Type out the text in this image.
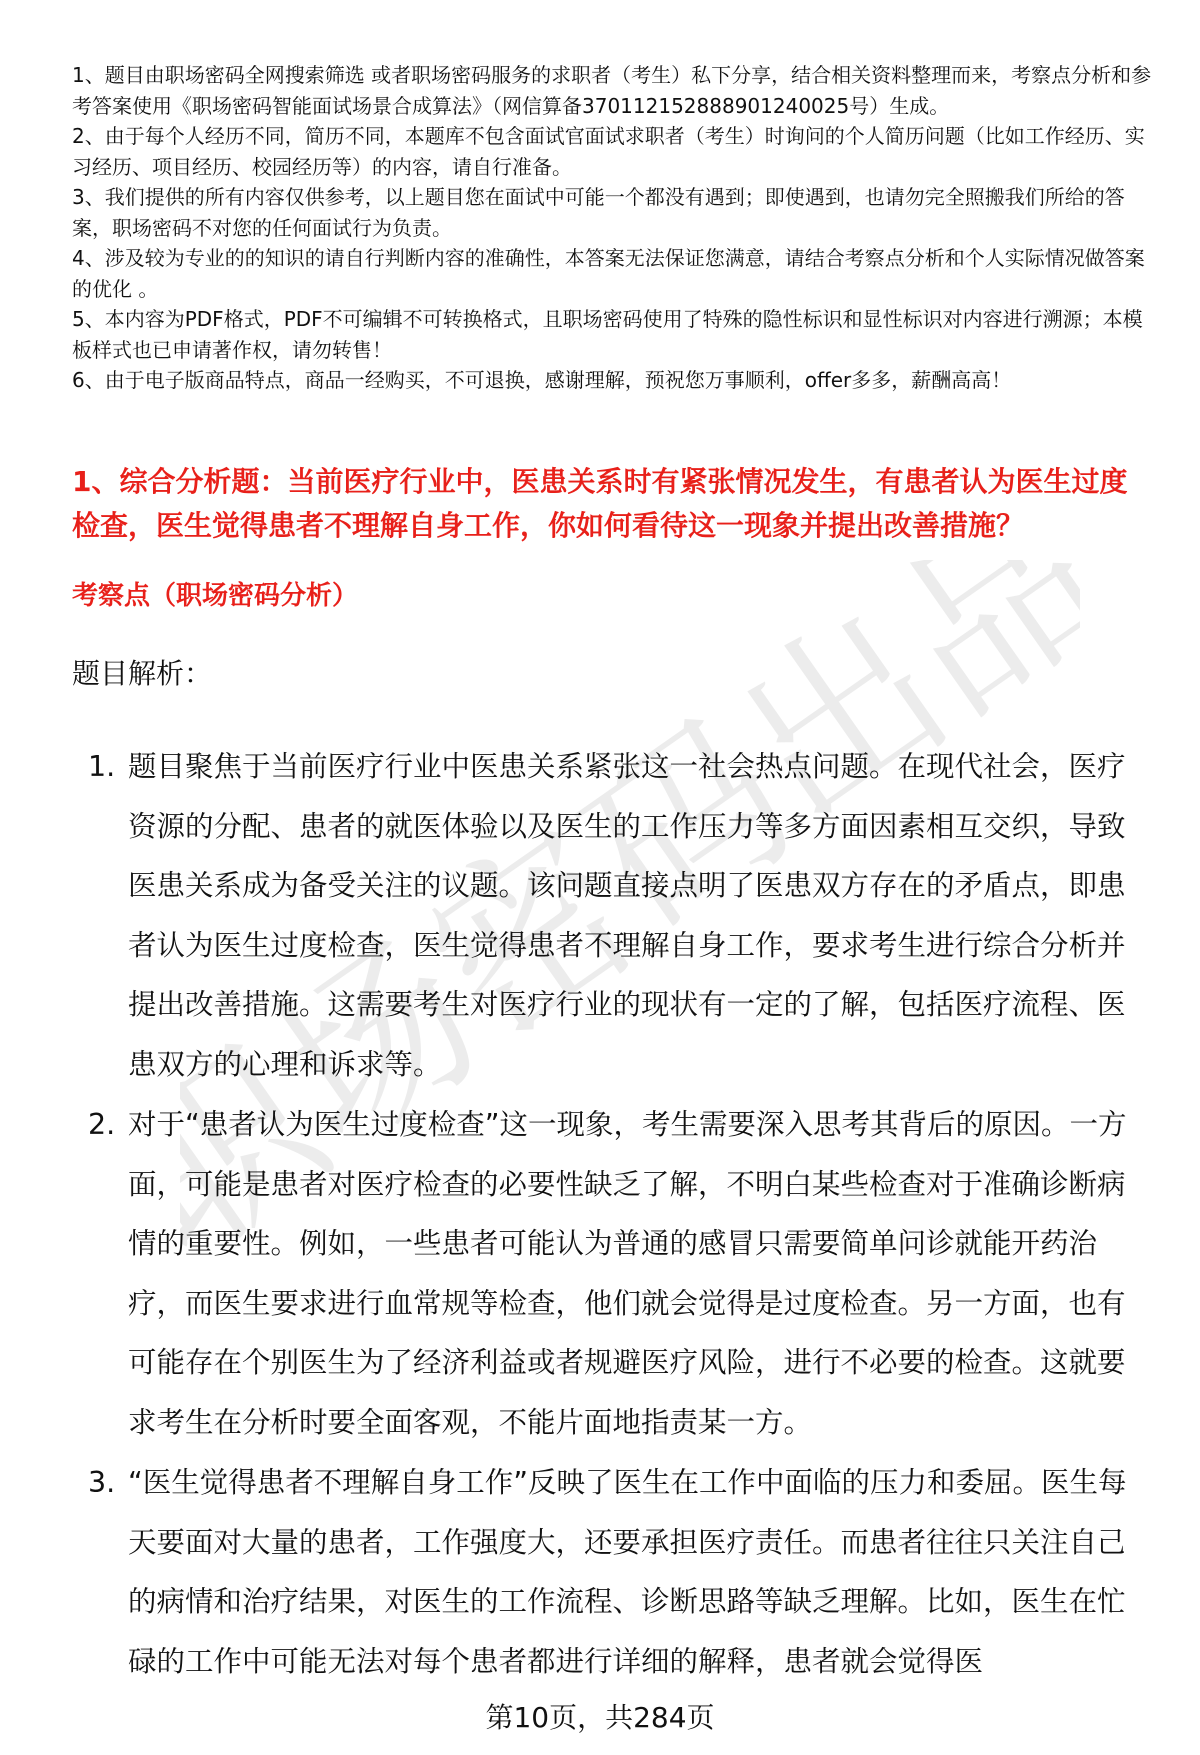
职场密码出品

1、题目由职场密码全网搜索筛选 或者职场密码服务的求职者（考生）私下分享，结合相关资料整理而来，考察点分析和参考答案使用《职场密码智能面试场景合成算法》（网信算备370112152888901240025号）生成。

2、由于每个人经历不同，简历不同，本题库不包含面试官面试求职者（考生）时询问的个人简历问题（比如工作经历、实习经历、项目经历、校园经历等）的内容，请自行准备。

3、我们提供的所有内容仅供参考，以上题目您在面试中可能一个都没有遇到；即使遇到，也请勿完全照搬我们所给的答案，职场密码不对您的任何面试行为负责。

4、涉及较为专业的的知识的请自行判断内容的准确性，本答案无法保证您满意，请结合考察点分析和个人实际情况做答案的优化 。

5、本内容为PDF格式，PDF不可编辑不可转换格式，且职场密码使用了特殊的隐性标识和显性标识对内容进行溯源；本模板样式也已申请著作权，请勿转售！

6、由于电子版商品特点，商品一经购买，不可退换，感谢理解，预祝您万事顺利，offer多多，薪酬高高！

1、综合分析题：当前医疗行业中，医患关系时有紧张情况发生，有患者认为医生过度检查，医生觉得患者不理解自身工作，你如何看待这一现象并提出改善措施？
考察点（职场密码分析）
题目解析：
1. 题目聚焦于当前医疗行业中医患关系紧张这一社会热点问题。在现代社会，医疗资源的分配、患者的就医体验以及医生的工作压力等多方面因素相互交织，导致医患关系成为备受关注的议题。该问题直接点明了医患双方存在的矛盾点，即患者认为医生过度检查，医生觉得患者不理解自身工作，要求考生进行综合分析并提出改善措施。这需要考生对医疗行业的现状有一定的了解，包括医疗流程、医患双方的心理和诉求等。
2. 对于“患者认为医生过度检查”这一现象，考生需要深入思考其背后的原因。一方面，可能是患者对医疗检查的必要性缺乏了解，不明白某些检查对于准确诊断病情的重要性。例如，一些患者可能认为普通的感冒只需要简单问诊就能开药治疗，而医生要求进行血常规等检查，他们就会觉得是过度检查。另一方面，也有可能存在个别医生为了经济利益或者规避医疗风险，进行不必要的检查。这就要求考生在分析时要全面客观，不能片面地指责某一方。
3. “医生觉得患者不理解自身工作”反映了医生在工作中面临的压力和委屈。医生每天要面对大量的患者，工作强度大，还要承担医疗责任。而患者往往只关注自己的病情和治疗结果，对医生的工作流程、诊断思路等缺乏理解。比如，医生在忙碌的工作中可能无法对每个患者都进行详细的解释，患者就会觉得医
第10页，共284页
